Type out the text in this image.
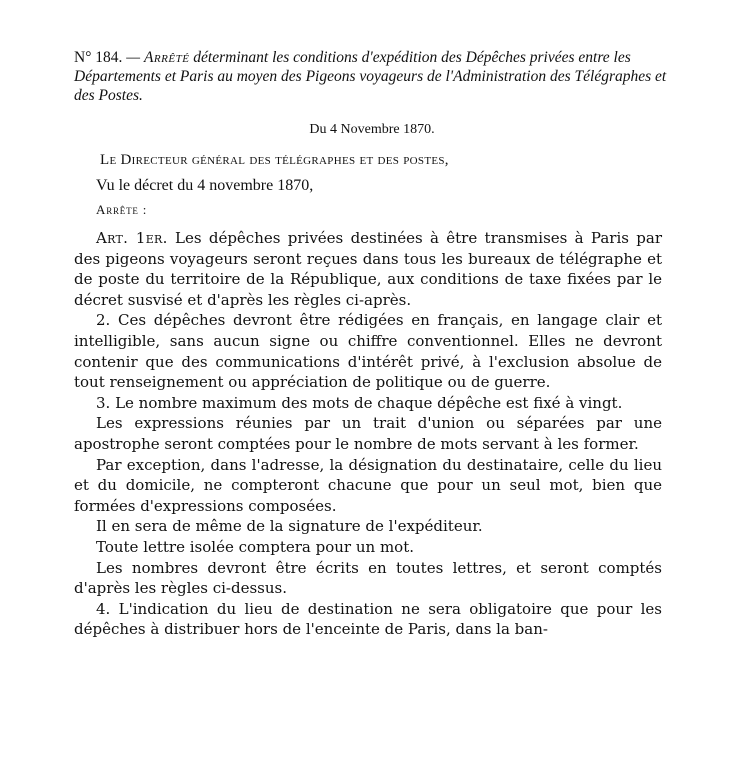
N° 184. — Arrêté déterminant les conditions d'expédition des Dépêches privées entre les Départements et Paris au moyen des Pigeons voyageurs de l'Administration des Télégraphes et des Postes.
Du 4 Novembre 1870.
Le Directeur général des télégraphes et des postes,
Vu le décret du 4 novembre 1870,
Arrête :

Art. 1er. Les dépêches privées destinées à être transmises à Paris par des pigeons voyageurs seront reçues dans tous les bureaux de télégraphe et de poste du territoire de la République, aux conditions de taxe fixées par le décret susvisé et d'après les règles ci-après.

2. Ces dépêches devront être rédigées en français, en langage clair et intelligible, sans aucun signe ou chiffre conventionnel. Elles ne devront contenir que des communications d'intérêt privé, à l'exclusion absolue de tout renseignement ou appréciation de politique ou de guerre.

3. Le nombre maximum des mots de chaque dépêche est fixé à vingt.

Les expressions réunies par un trait d'union ou séparées par une apostrophe seront comptées pour le nombre de mots servant à les former.

Par exception, dans l'adresse, la désignation du destinataire, celle du lieu et du domicile, ne compteront chacune que pour un seul mot, bien que formées d'expressions composées.

Il en sera de même de la signature de l'expéditeur.

Toute lettre isolée comptera pour un mot.

Les nombres devront être écrits en toutes lettres, et seront comptés d'après les règles ci-dessus.

4. L'indication du lieu de destination ne sera obligatoire que pour les dépêches à distribuer hors de l'enceinte de Paris, dans la ban-
